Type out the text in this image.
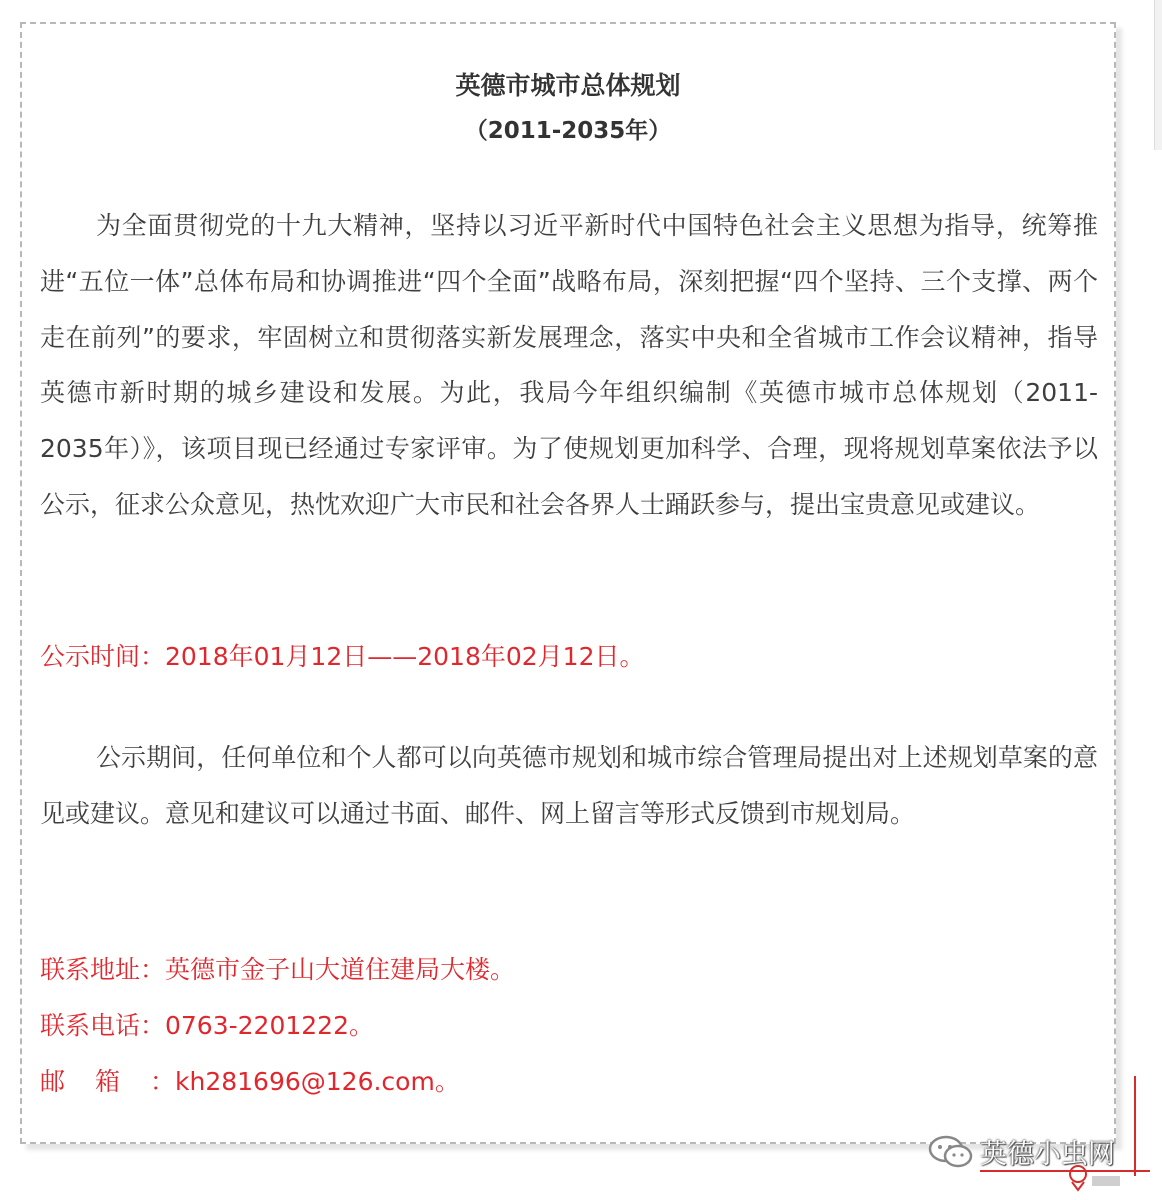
英德市城市总体规划
（2011-2035年）

为全面贯彻党的十九大精神，坚持以习近平新时代中国特色社会主义思想为指导，统筹推进“五位一体”总体布局和协调推进“四个全面”战略布局，深刻把握“四个坚持、三个支撑、两个走在前列”的要求，牢固树立和贯彻落实新发展理念，落实中央和全省城市工作会议精神，指导英德市新时期的城乡建设和发展。为此，我局今年组织编制《英德市城市总体规划（2011-2035年）》，该项目现已经通过专家评审。为了使规划更加科学、合理，现将规划草案依法予以公示，征求公众意见，热忱欢迎广大市民和社会各界人士踊跃参与，提出宝贵意见或建议。

公示时间：2018年01月12日——2018年02月12日。

公示期间，任何单位和个人都可以向英德市规划和城市综合管理局提出对上述规划草案的意见或建议。意见和建议可以通过书面、邮件、网上留言等形式反馈到市规划局。

联系地址：英德市金子山大道住建局大楼。

联系电话：0763-2201222。

邮箱：kh281696@126.com。

英德小虫网
